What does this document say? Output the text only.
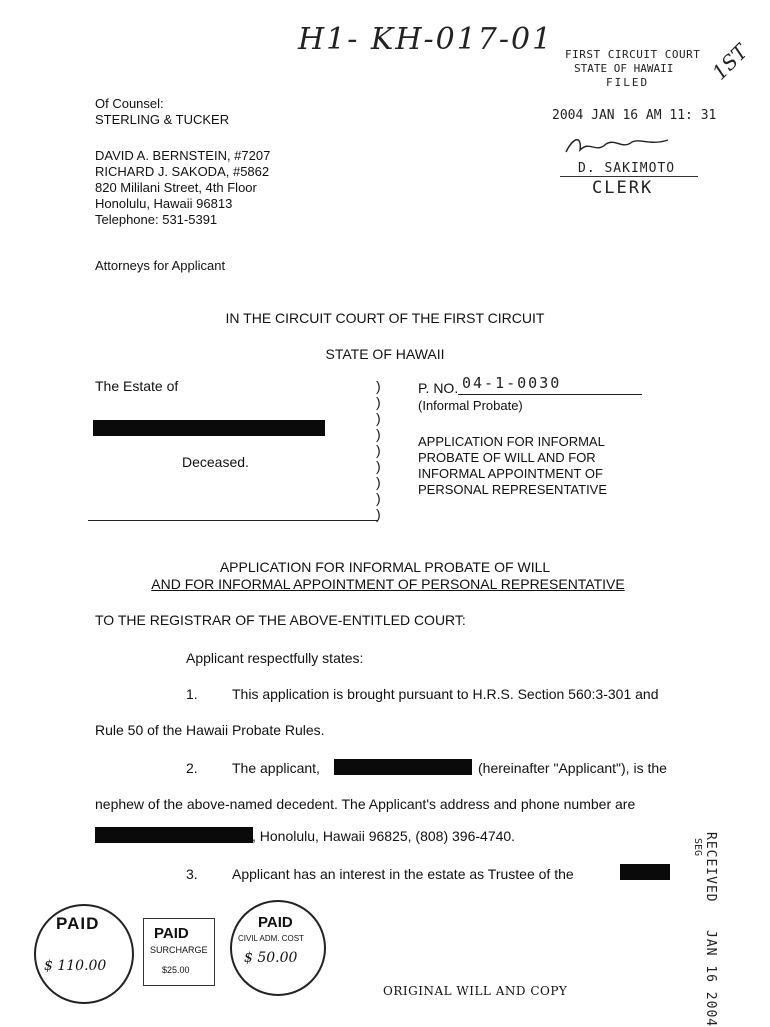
H1- KH-017-01	1ST
FIRST CIRCUIT COURT
STATE OF HAWAII
FILED
2004 JAN 16 AM 11: 31
D. SAKIMOTO
CLERK
Of Counsel:
STERLING & TUCKER
DAVID A. BERNSTEIN, #7207
RICHARD J. SAKODA, #5862
820 Mililani Street, 4th Floor
Honolulu, Hawaii 96813
Telephone: 531-5391
Attorneys for Applicant
IN THE CIRCUIT COURT OF THE FIRST CIRCUIT
STATE OF HAWAII
The Estate of
Deceased.
)
)
)
)
)
)
)
)
)
P. NO. 04-1-0030
(Informal Probate)
APPLICATION FOR INFORMAL
PROBATE OF WILL AND FOR
INFORMAL APPOINTMENT OF
PERSONAL REPRESENTATIVE
APPLICATION FOR INFORMAL PROBATE OF WILL
AND FOR INFORMAL APPOINTMENT OF PERSONAL REPRESENTATIVE
TO THE REGISTRAR OF THE ABOVE-ENTITLED COURT:
Applicant respectfully states:
1. This application is brought pursuant to H.R.S. Section 560:3-301 and
Rule 50 of the Hawaii Probate Rules.
2. The applicant,	(hereinafter "Applicant"), is the
nephew of the above-named decedent. The Applicant's address and phone number are
, Honolulu, Hawaii 96825, (808) 396-4740.
3. Applicant has an interest in the estate as Trustee of the	RECEIVED
SEG
JAN 16 2004
PAID
$ 110.00
PAID
SURCHARGE
$25.00
PAID
CIVIL ADM. COST
$ 50.00
ORIGINAL WILL AND COPY
